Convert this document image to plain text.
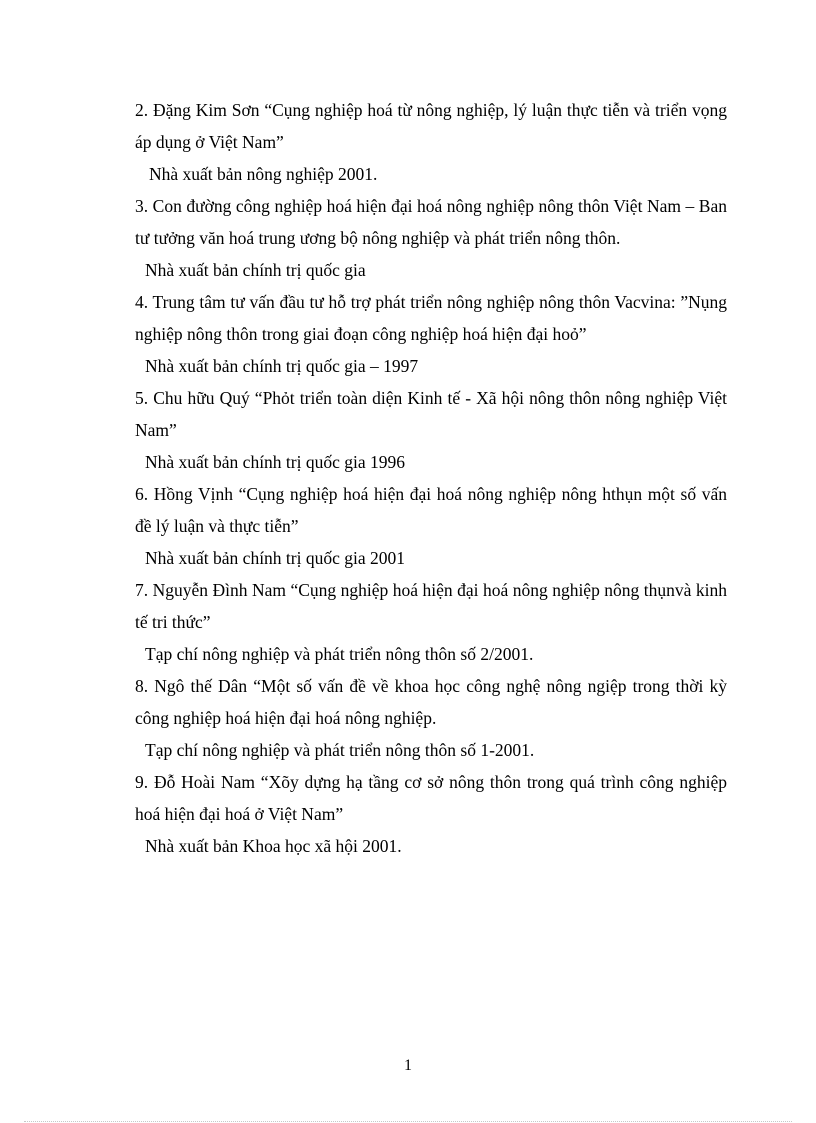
2. Đặng Kim Sơn “Cụng nghiệp hoá từ nông nghiệp, lý luận thực tiễn và triển vọng áp dụng ở Việt Nam”

Nhà xuất bản nông nghiệp 2001.

3. Con đường công nghiệp hoá hiện đại hoá nông nghiệp nông thôn Việt Nam – Ban tư tưởng văn hoá trung ương bộ nông nghiệp và phát triển nông thôn.

Nhà xuất bản chính trị quốc gia

4. Trung tâm tư vấn đầu tư hỗ trợ phát triển nông nghiệp nông thôn Vacvina: ”Nụng nghiệp nông thôn trong giai đoạn công nghiệp hoá hiện đại hoỏ”

Nhà xuất bản chính trị quốc gia – 1997

5. Chu hữu Quý “Phỏt triển toàn diện Kinh tế - Xã hội nông thôn nông nghiệp Việt Nam”

Nhà xuất bản chính trị quốc gia 1996

6. Hồng Vịnh “Cụng nghiệp hoá hiện đại hoá nông nghiệp nông hthụn một số vấn đề lý luận và thực tiễn”

Nhà xuất bản chính trị quốc gia 2001

7. Nguyễn Đình Nam “Cụng nghiệp hoá hiện đại hoá nông nghiệp nông thụnvà kinh tế tri thức”

Tạp chí nông nghiệp và phát triển nông thôn số 2/2001.

8. Ngô thế Dân “Một số vấn đề về khoa học công nghệ nông ngiệp trong thời kỳ công nghiệp hoá hiện đại hoá nông nghiệp.

Tạp chí nông nghiệp và phát triển nông thôn số 1-2001.

9. Đỗ Hoài Nam “Xõy dựng hạ tầng cơ sở nông thôn trong quá trình công nghiệp hoá hiện đại hoá ở Việt Nam”

Nhà xuất bản Khoa học xã hội 2001.

1
